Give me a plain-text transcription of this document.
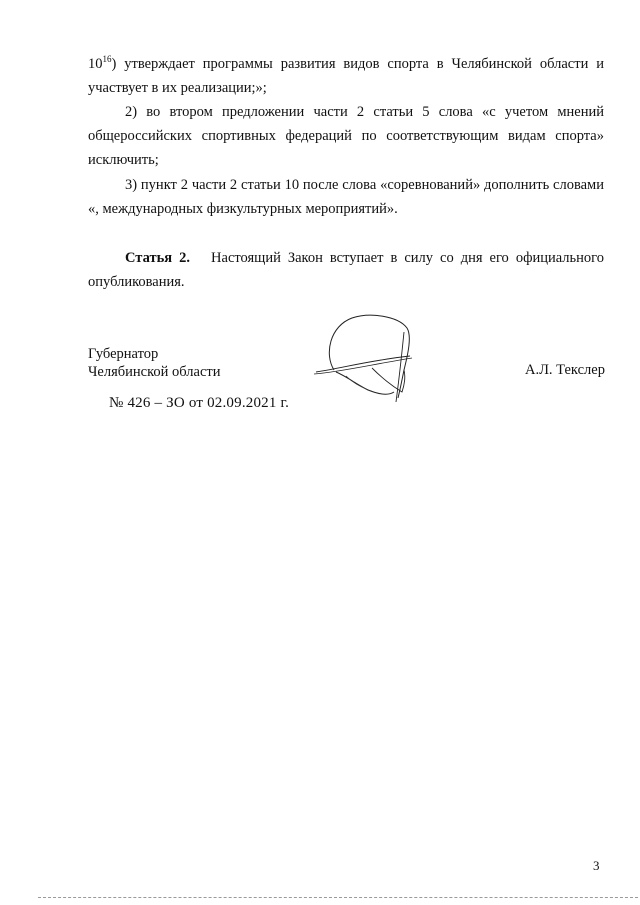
$10^{16}$) утверждает программы развития видов спорта в Челябинской области и участвует в их реализации;»;

2) во втором предложении части 2 статьи 5 слова «с учетом мнений общероссийских спортивных федераций по соответствующим видам спорта» исключить;

3) пункт 2 части 2 статьи 10 после слова «соревнований» дополнить словами «, международных физкультурных мероприятий».

Статья 2. Настоящий Закон вступает в силу со дня его официального опубликования.

Губернатор
Челябинской области	А.Л. Текслер
№ 426 – ЗО от 02.09.2021 г.
3
